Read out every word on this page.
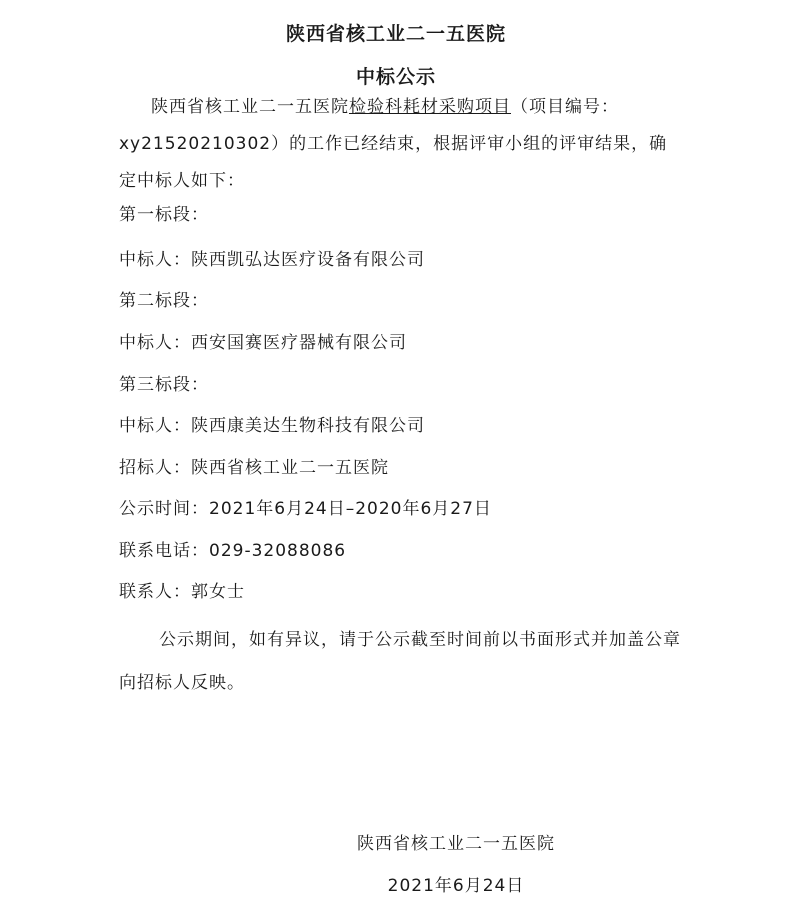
陕西省核工业二一五医院
中标公示
陕西省核工业二一五医院检验科耗材采购项目（项目编号：xy21520210302）的工作已经结束，根据评审小组的评审结果，确定中标人如下：
第一标段：
中标人：陕西凯弘达医疗设备有限公司
第二标段：
中标人：西安国赛医疗器械有限公司
第三标段：
中标人：陕西康美达生物科技有限公司
招标人：陕西省核工业二一五医院
公示时间：2021年6月24日–2020年6月27日
联系电话：029-32088086
联系人：郭女士
公示期间，如有异议，请于公示截至时间前以书面形式并加盖公章向招标人反映。
陕西省核工业二一五医院
2021年6月24日
